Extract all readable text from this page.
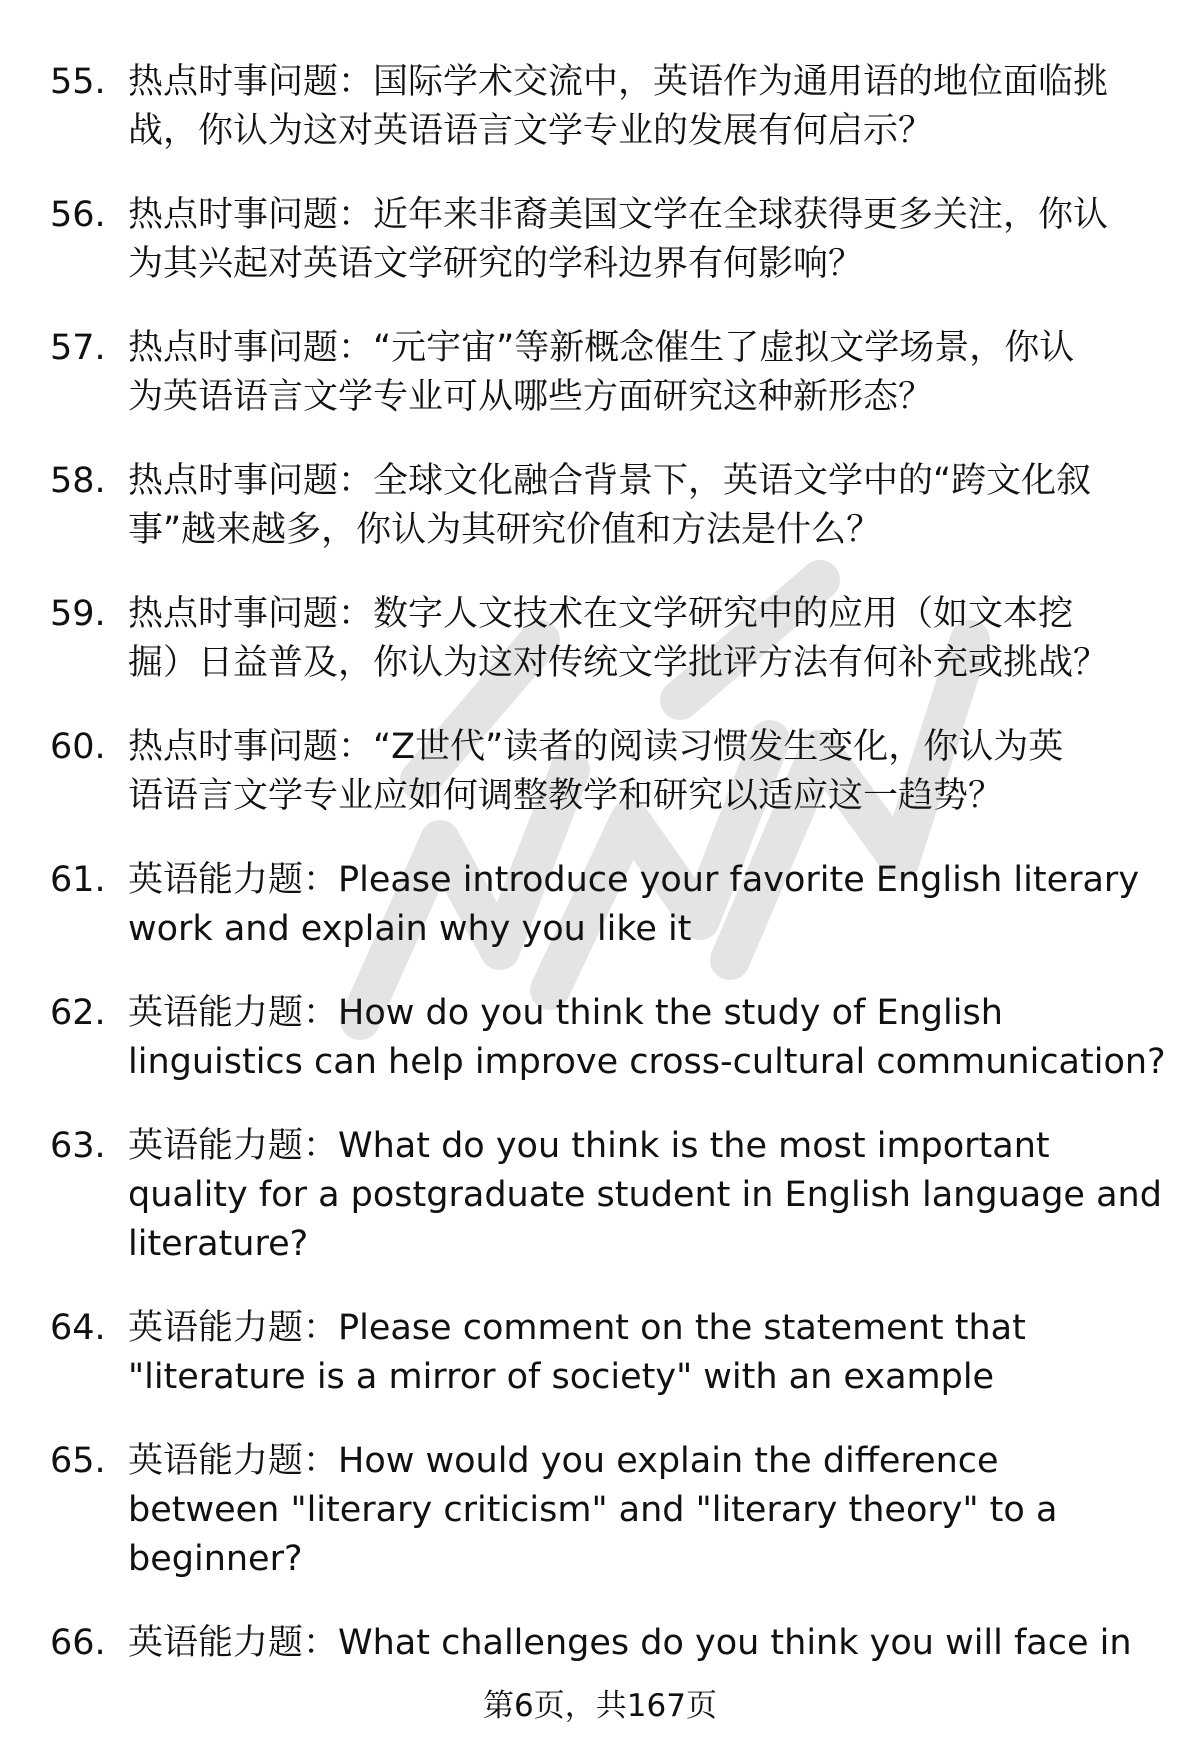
55. 热点时事问题：国际学术交流中，英语作为通用语的地位面临挑
战，你认为这对英语语言文学专业的发展有何启示？
56. 热点时事问题：近年来非裔美国文学在全球获得更多关注，你认
为其兴起对英语文学研究的学科边界有何影响？
57. 热点时事问题：“元宇宙”等新概念催生了虚拟文学场景，你认
为英语语言文学专业可从哪些方面研究这种新形态？
58. 热点时事问题：全球文化融合背景下，英语文学中的“跨文化叙
事”越来越多，你认为其研究价值和方法是什么？
59. 热点时事问题：数字人文技术在文学研究中的应用（如文本挖
掘）日益普及，你认为这对传统文学批评方法有何补充或挑战？
60. 热点时事问题：“Z世代”读者的阅读习惯发生变化，你认为英
语语言文学专业应如何调整教学和研究以适应这一趋势？
61. 英语能力题：Please introduce your favorite English literary
work and explain why you like it
62. 英语能力题：How do you think the study of English
linguistics can help improve cross-cultural communication?
63. 英语能力题：What do you think is the most important
quality for a postgraduate student in English language and
literature?
64. 英语能力题：Please comment on the statement that
"literature is a mirror of society" with an example
65. 英语能力题：How would you explain the difference
between "literary criticism" and "literary theory" to a
beginner?
66. 英语能力题：What challenges do you think you will face in
第6页，共167页
